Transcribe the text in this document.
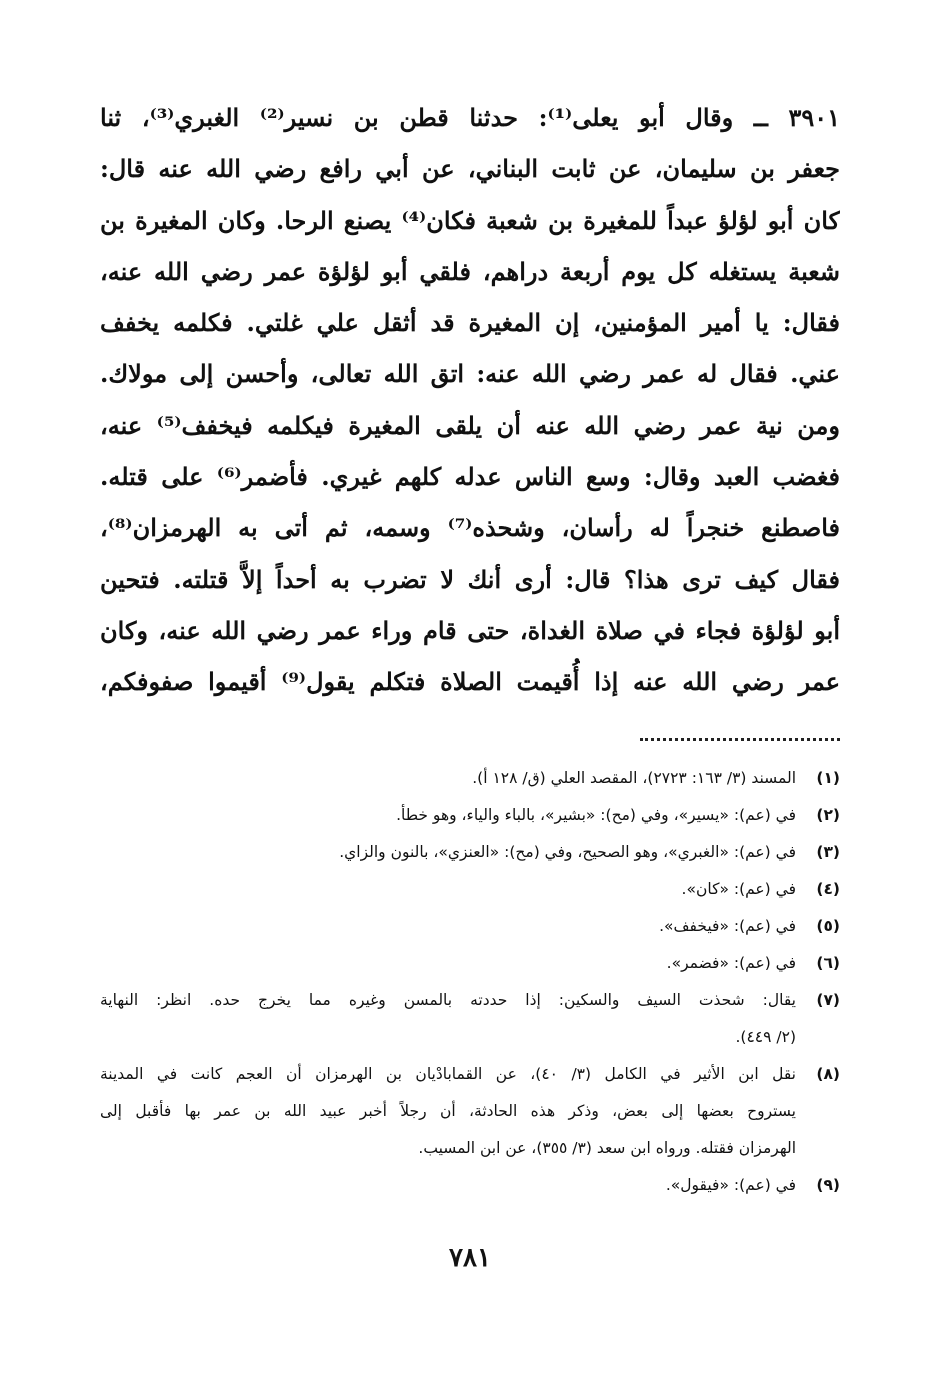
٣٩٠١ ــ وقال أبو يعلى⁽¹⁾: حدثنا قطن بن نسير⁽²⁾ الغبري⁽³⁾، ثنا
جعفر بن سليمان، عن ثابت البناني، عن أبي رافع رضي الله عنه قال:
كان أبو لؤلؤ عبداً للمغيرة بن شعبة فكان⁽⁴⁾ يصنع الرحا. وكان المغيرة بن
شعبة يستغله كل يوم أربعة دراهم، فلقي أبو لؤلؤة عمر رضي الله عنه،
فقال: يا أمير المؤمنين، إن المغيرة قد أثقل علي غلتي. فكلمه يخفف
عني. فقال له عمر رضي الله عنه: اتق الله تعالى، وأحسن إلى مولاك.
ومن نية عمر رضي الله عنه أن يلقى المغيرة فيكلمه فيخفف⁽⁵⁾ عنه،
فغضب العبد وقال: وسع الناس عدله كلهم غيري. فأضمر⁽⁶⁾ على قتله.
فاصطنع خنجراً له رأسان، وشحذه⁽⁷⁾ وسمه، ثم أتى به الهرمزان⁽⁸⁾،
فقال كيف ترى هذا؟ قال: أرى أنك لا تضرب به أحداً إلاَّ قتلته. فتحين
أبو لؤلؤة فجاء في صلاة الغداة، حتى قام وراء عمر رضي الله عنه، وكان
عمر رضي الله عنه إذا أُقيمت الصلاة فتكلم يقول⁽⁹⁾ أقيموا صفوفكم،
(١)
المسند (٣/ ١٦٣: ٢٧٢٣)، المقصد العلي (ق/ ١٢٨ أ).
(٢)
في (عم): «يسير»، وفي (مح): «بشير»، بالباء والياء، وهو خطأ.
(٣)
في (عم): «الغبري»، وهو الصحيح، وفي (مح): «العنزي»، بالنون والزاي.
(٤)
في (عم): «كان».
(٥)
في (عم): «فيخفف».
(٦)
في (عم): «فضمر».
(٧)
يقال: شحذت السيف والسكين: إذا حددته بالمسن وغيره مما يخرج حده. انظر: النهاية
(٢/ ٤٤٩).
(٨)
نقل ابن الأثير في الكامل (٣/ ٤٠)، عن القمابادْيان بن الهرمزان أن العجم كانت في المدينة
يستروح بعضها إلى بعض، وذكر هذه الحادثة، أن رجلاً أخبر عبيد الله بن عمر بها فأقبل إلى
الهرمزان فقتله. ورواه ابن سعد (٣/ ٣٥٥)، عن ابن المسيب.
(٩)
في (عم): «فيقول».
٧٨١
